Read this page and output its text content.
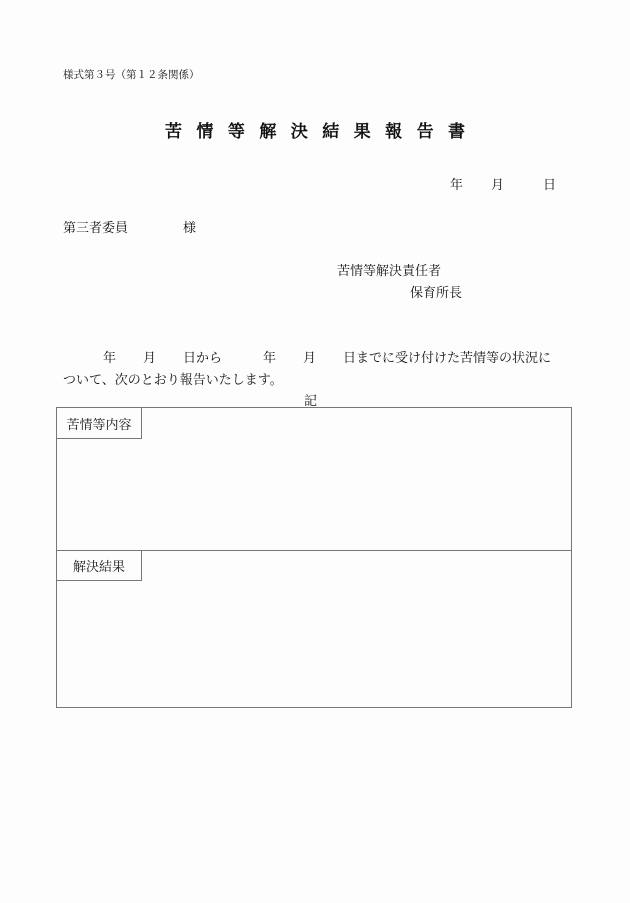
様式第３号（第１２条関係）
苦情等解決結果報告書
年 月	日
第三者委員	様
苦情等解決責任者
保育所長
年 月 日から	年 月 日までに受け付けた苦情等の状況に
ついて、次のとおり報告いたします。
記
苦情等内容
解決結果
